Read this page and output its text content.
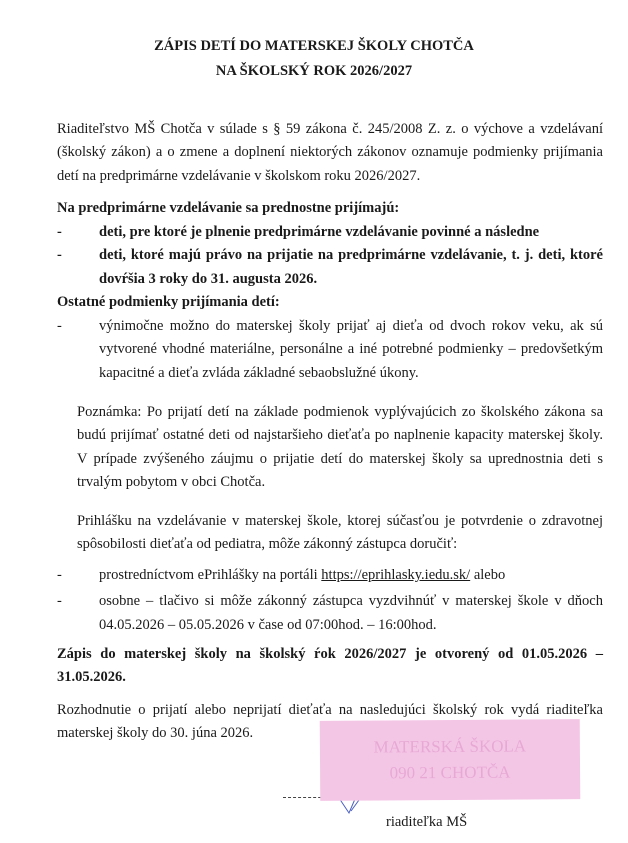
ZÁPIS DETÍ DO MATERSKEJ ŠKOLY CHOTČA
NA ŠKOLSKÝ ROK 2026/2027
Riaditeľstvo MŠ Chotča v súlade s § 59 zákona č. 245/2008 Z. z. o výchove a vzdelávaní (školský zákon) a o zmene a doplnení niektorých zákonov oznamuje podmienky prijímania detí na predprimárne vzdelávanie v školskom roku 2026/2027.
Na predprimárne vzdelávanie sa prednostne prijímajú:
-	deti, pre ktoré je plnenie predprimárne vzdelávanie povinné a následne
-	deti, ktoré majú právo na prijatie na predprimárne vzdelávanie, t. j. deti, ktoré dovŕšia 3 roky do 31. augusta 2026.
Ostatné podmienky prijímania detí:
-	výnimočne možno do materskej školy prijať aj dieťa od dvoch rokov veku, ak sú vytvorené vhodné materiálne, personálne a iné potrebné podmienky – predovšetkým kapacitné a dieťa zvláda základné sebaobslužné úkony.
Poznámka: Po prijatí detí na základe podmienok vyplývajúcich zo školského zákona sa budú prijímať ostatné deti od najstaršieho dieťaťa po naplnenie kapacity materskej školy. V prípade zvýšeného záujmu o prijatie detí do materskej školy sa uprednostnia deti s trvalým pobytom v obci Chotča.
Prihlášku na vzdelávanie v materskej škole, ktorej súčasťou je potvrdenie o zdravotnej spôsobilosti dieťaťa od pediatra, môže zákonný zástupca doručiť:
-	prostredníctvom ePrihlášky na portáli https://eprihlasky.iedu.sk/ alebo
-	osobne – tlačivo si môže zákonný zástupca vyzdvihnúť v materskej škole v dňoch 04.05.2026 – 05.05.2026 v čase od 07:00hod. – 16:00hod.
Zápis do materskej školy na školský ŕok 2026/2027 je otvorený od 01.05.2026 – 31.05.2026.
Rozhodnutie o prijatí alebo neprijatí dieťaťa na nasledujúci školský rok vydá riaditeľka materskej školy do 30. júna 2026.
MATERSKÁ ŠKOLA
090 21 CHOTČA
riaditeľka MŠ
